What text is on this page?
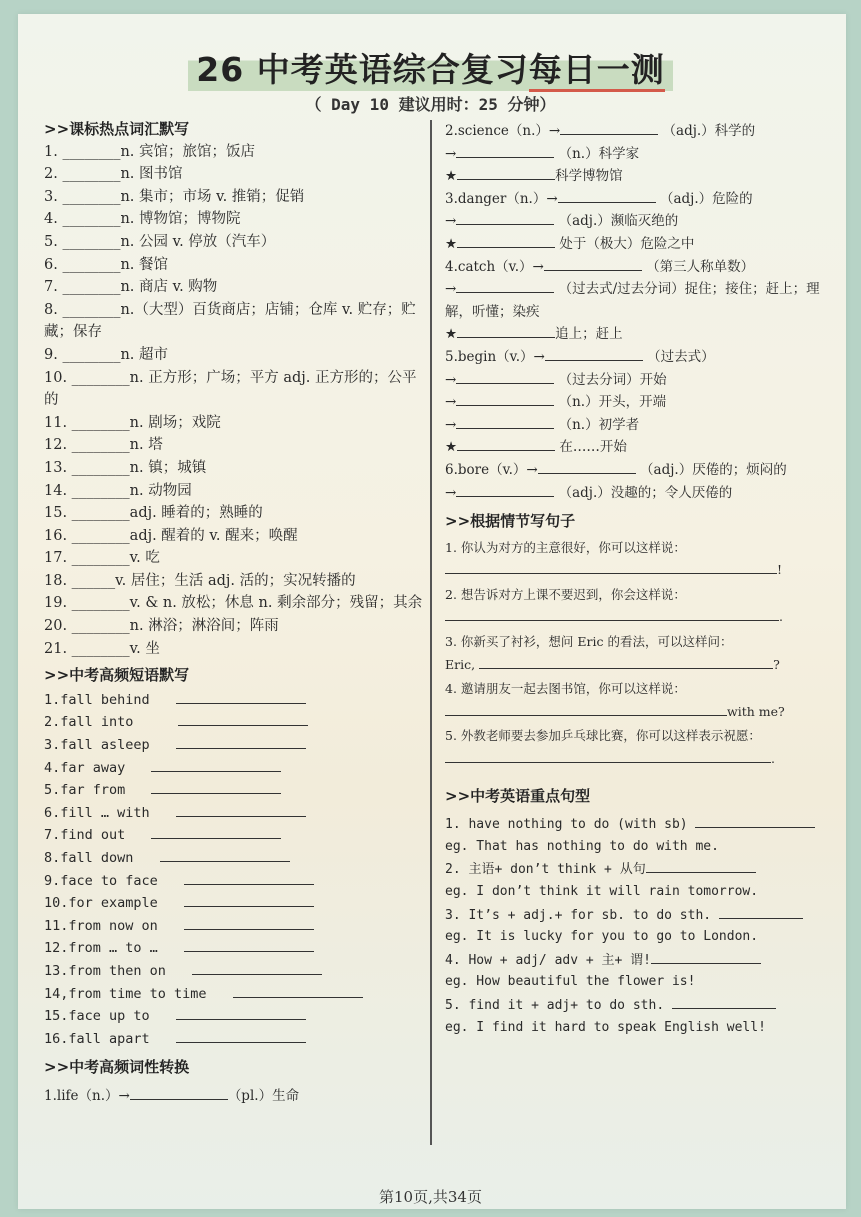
26 中考英语综合复习每日一测
（ Day 10 建议用时：25 分钟）
>>课标热点词汇默写
1. ________n. 宾馆；旅馆；饭店
2. ________n. 图书馆
3. ________n. 集市；市场 v. 推销；促销
4. ________n. 博物馆；博物院
5. ________n. 公园 v. 停放（汽车）
6. ________n. 餐馆
7. ________n. 商店 v. 购物
8. ________n.（大型）百货商店；店铺；仓库 v. 贮存；贮藏；保存
9. ________n. 超市
10. ________n. 正方形；广场；平方 adj. 正方形的；公平的
11. ________n. 剧场；戏院
12. ________n. 塔
13. ________n. 镇；城镇
14. ________n. 动物园
15. ________adj. 睡着的；熟睡的
16. ________adj. 醒着的 v. 醒来；唤醒
17. ________v. 吃
18. ______v. 居住；生活 adj. 活的；实况转播的
19. ________v. & n. 放松；休息 n. 剩余部分；残留；其余
20. ________n. 淋浴；淋浴间；阵雨
21. ________v. 坐
>>中考高频短语默写
1.fall behind
2.fall into
3.fall asleep
4.far away
5.far from
6.fill … with
7.find out
8.fall down
9.face to face
10.for example
11.from now on
12.from … to …
13.from then on
14,from time to time
15.face up to
16.fall apart
>>中考高频词性转换
1.life（n.）→	（pl.）生命
2.science（n.）→	（adj.）科学的
→	（n.）科学家
★	科学博物馆
3.danger（n.）→	（adj.）危险的
→	（adj.）濒临灭绝的
★	处于（极大）危险之中
4.catch（v.）→	（第三人称单数）
→	（过去式/过去分词）捉住；接住；赶上；理解，听懂；染疾
★	追上；赶上
5.begin（v.）→	（过去式）
→	（过去分词）开始
→	（n.）开头，开端
→	（n.）初学者
★	在……开始
6.bore（v.）→	（adj.）厌倦的；烦闷的
→	（adj.）没趣的；令人厌倦的
>>根据情节写句子
1. 你认为对方的主意很好，你可以这样说：
!
2. 想告诉对方上课不要迟到，你会这样说：
.
3. 你新买了衬衫，想问 Eric 的看法，可以这样问：
Eric,	?
4. 邀请朋友一起去图书馆，你可以这样说：
with me?
5. 外教老师要去参加乒乓球比赛，你可以这样表示祝愿：
.
>>中考英语重点句型
1. have nothing to do (with sb)
eg. That has nothing to do with me.
2. 主语+ don’t think + 从句
eg. I don’t think it will rain tomorrow.
3. It’s + adj.+ for sb. to do sth.
eg. It is lucky for you to go to London.
4. How + adj/ adv + 主+ 谓!
eg. How beautiful the flower is!
5. find it + adj+ to do sth.
eg. I find it hard to speak English well!
第10页,共34页
